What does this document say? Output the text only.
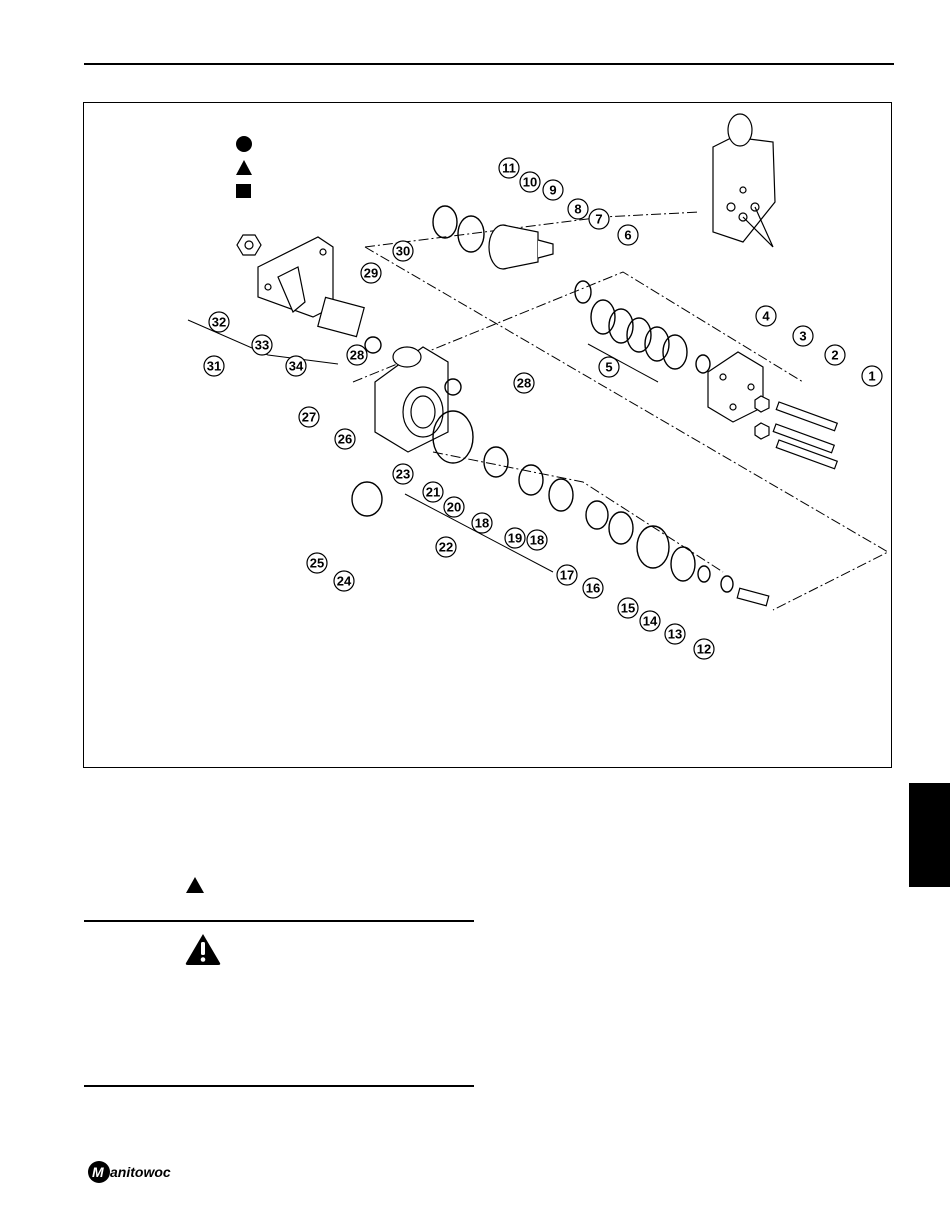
1
2
3
4
5
6
7
8
9
10
11
12
13
14
15
16
17
18
18
19
20
21
22
23
24
25
26
27
28
28
29
30
31
32
33
34
M anitowoc
